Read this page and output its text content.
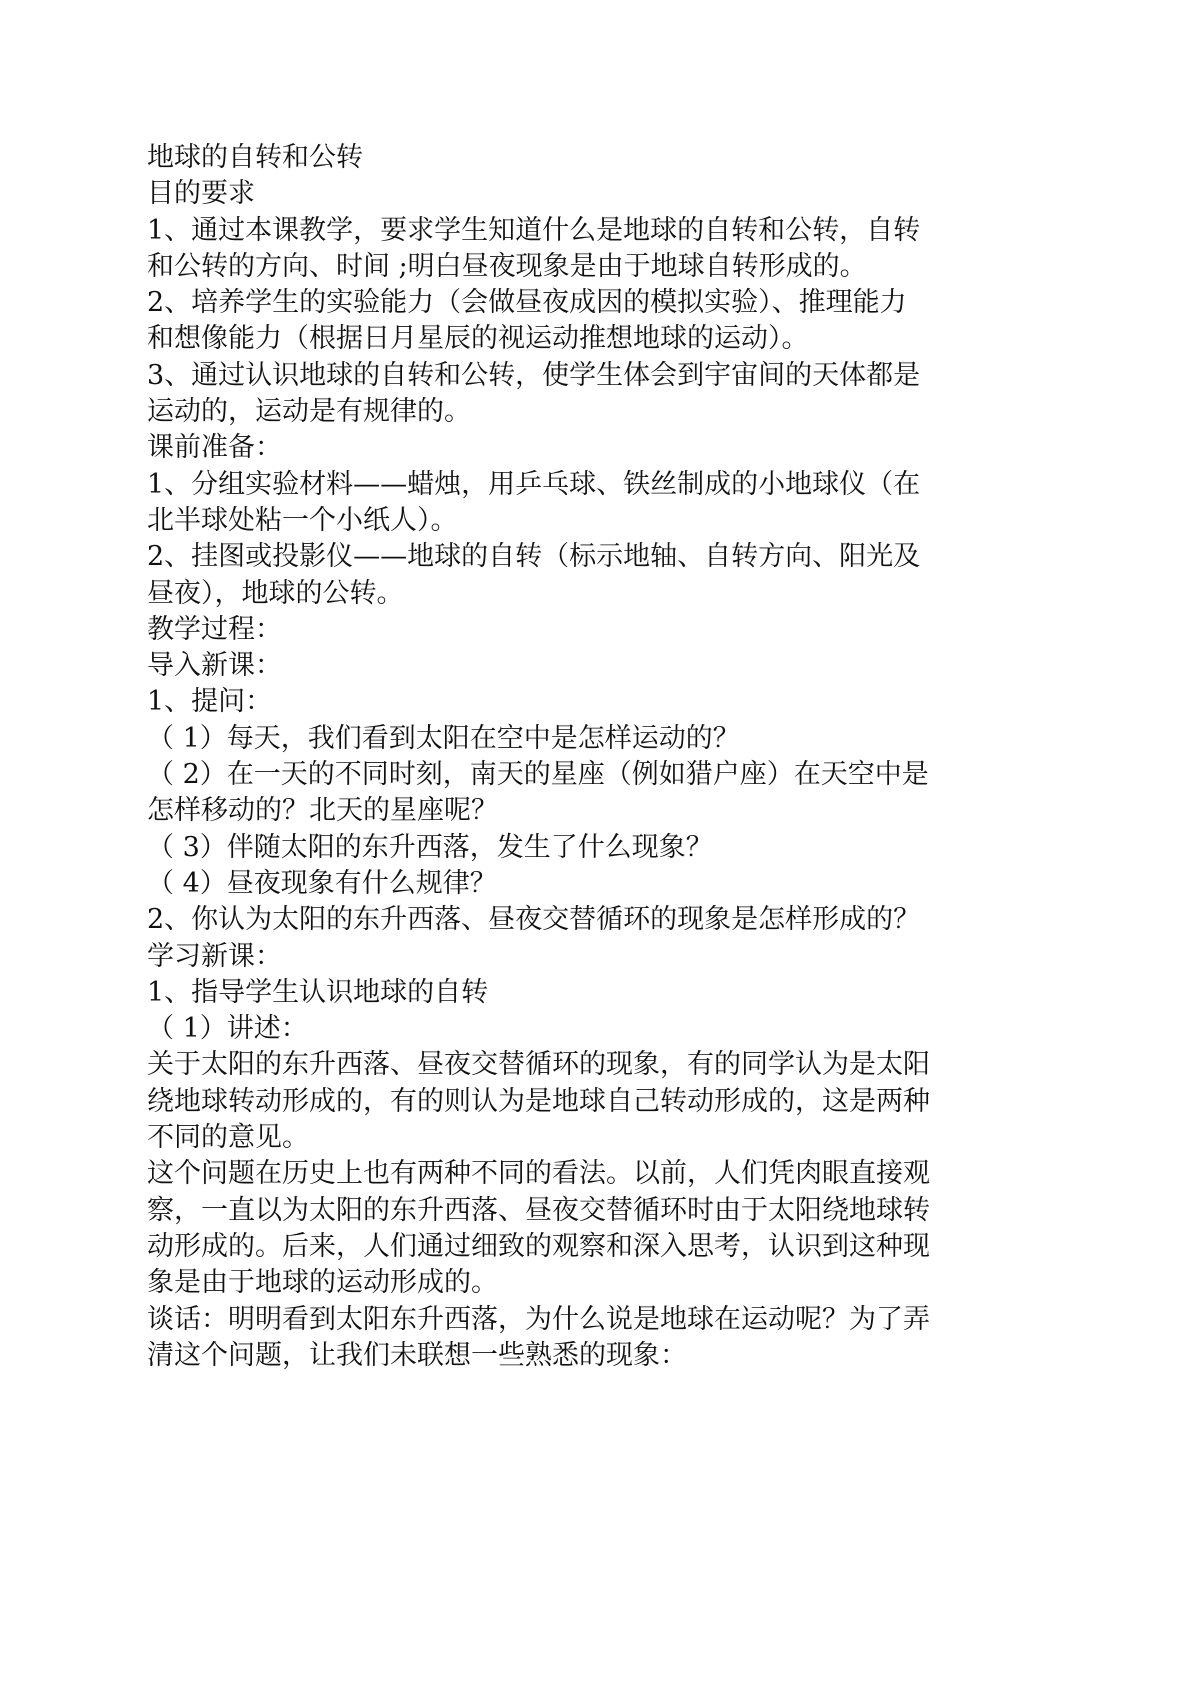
地球的自转和公转
目的要求
1、通过本课教学，要求学生知道什么是地球的自转和公转，自转
和公转的方向、时间 ;明白昼夜现象是由于地球自转形成的。
2、培养学生的实验能力（会做昼夜成因的模拟实验）、推理能力
和想像能力（根据日月星辰的视运动推想地球的运动）。
3、通过认识地球的自转和公转，使学生体会到宇宙间的天体都是
运动的，运动是有规律的。
课前准备：
1、分组实验材料——蜡烛，用乒乓球、铁丝制成的小地球仪（在
北半球处粘一个小纸人）。
2、挂图或投影仪——地球的自转（标示地轴、自转方向、阳光及
昼夜），地球的公转。
教学过程：
导入新课：
1、提问：
（ 1）每天，我们看到太阳在空中是怎样运动的？
（ 2）在一天的不同时刻，南天的星座（例如猎户座）在天空中是
怎样移动的？北天的星座呢？
（ 3）伴随太阳的东升西落，发生了什么现象？
（ 4）昼夜现象有什么规律？
2、你认为太阳的东升西落、昼夜交替循环的现象是怎样形成的？
学习新课：
1、指导学生认识地球的自转
（ 1）讲述：
关于太阳的东升西落、昼夜交替循环的现象，有的同学认为是太阳
绕地球转动形成的，有的则认为是地球自己转动形成的，这是两种
不同的意见。
这个问题在历史上也有两种不同的看法。以前，人们凭肉眼直接观
察，一直以为太阳的东升西落、昼夜交替循环时由于太阳绕地球转
动形成的。后来，人们通过细致的观察和深入思考，认识到这种现
象是由于地球的运动形成的。
谈话：明明看到太阳东升西落，为什么说是地球在运动呢？为了弄
清这个问题，让我们未联想一些熟悉的现象：
